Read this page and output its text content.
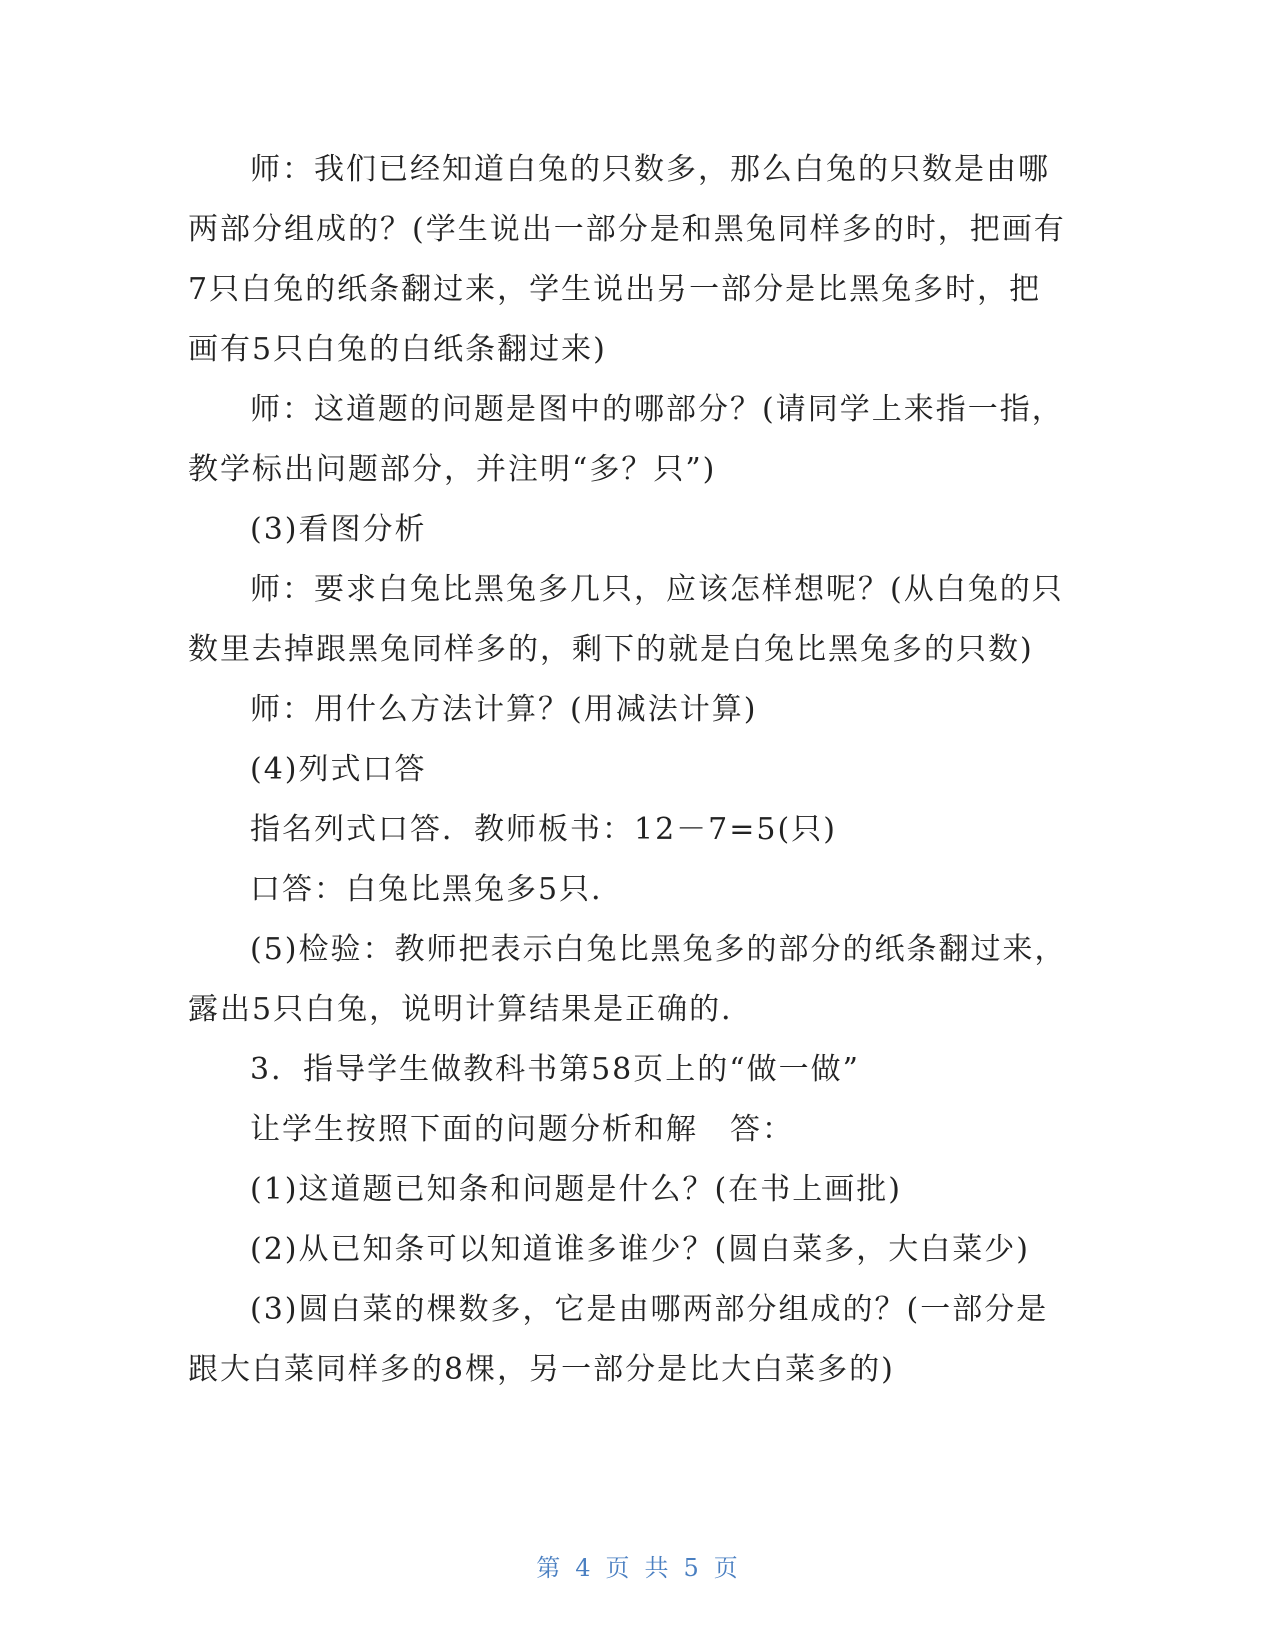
师：我们已经知道白兔的只数多，那么白兔的只数是由哪两部分组成的？(学生说出一部分是和黑兔同样多的时，把画有7只白兔的纸条翻过来，学生说出另一部分是比黑兔多时，把画有5只白兔的白纸条翻过来)

师：这道题的问题是图中的哪部分？(请同学上来指一指，教学标出问题部分，并注明“多？只”)

(3)看图分析

师：要求白兔比黑兔多几只，应该怎样想呢？(从白兔的只数里去掉跟黑兔同样多的，剩下的就是白兔比黑兔多的只数)

师：用什么方法计算？(用减法计算)

(4)列式口答

指名列式口答．教师板书：12－7=5(只)

口答：白兔比黑兔多5只．

(5)检验：教师把表示白兔比黑兔多的部分的纸条翻过来，露出5只白兔，说明计算结果是正确的．

3．指导学生做教科书第58页上的“做一做”

让学生按照下面的问题分析和解　答：

(1)这道题已知条和问题是什么？(在书上画批)

(2)从已知条可以知道谁多谁少？(圆白菜多，大白菜少)

(3)圆白菜的棵数多，它是由哪两部分组成的？(一部分是跟大白菜同样多的8棵，另一部分是比大白菜多的)

第 4 页 共 5 页
